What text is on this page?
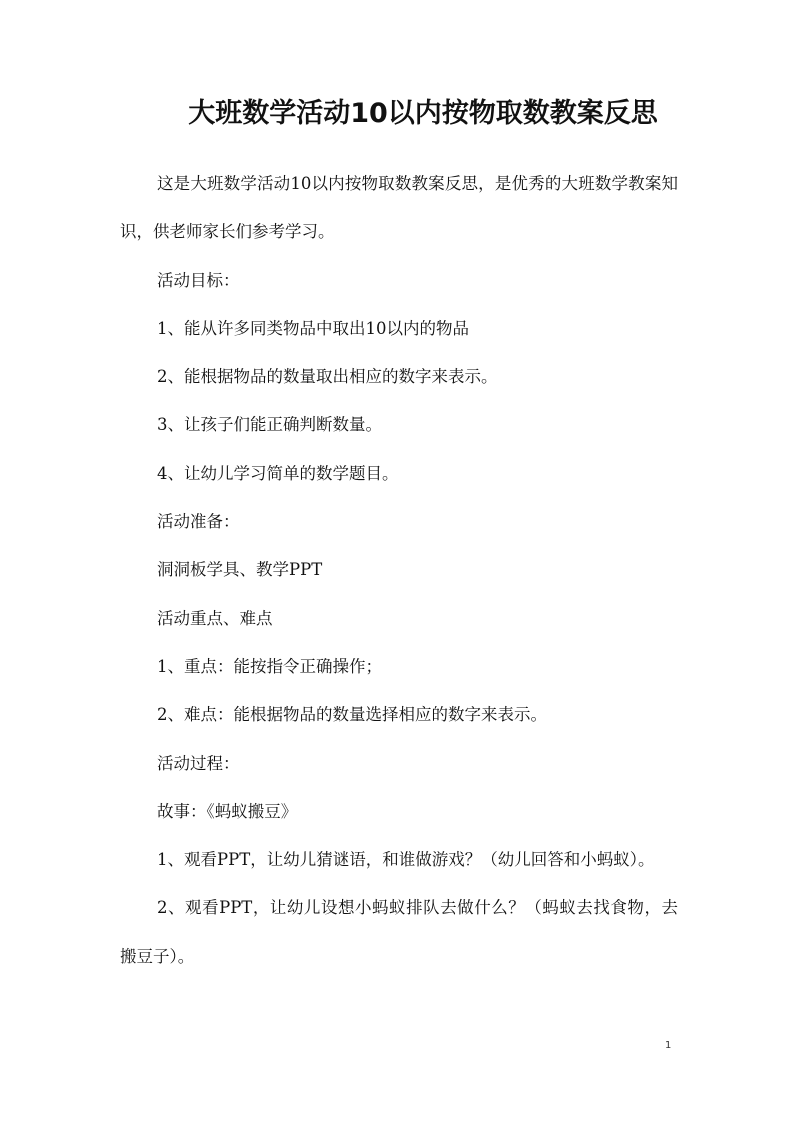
大班数学活动10以内按物取数教案反思

这是大班数学活动10以内按物取数教案反思，是优秀的大班数学教案知识，供老师家长们参考学习。

活动目标：

1、能从许多同类物品中取出10以内的物品

2、能根据物品的数量取出相应的数字来表示。

3、让孩子们能正确判断数量。

4、让幼儿学习简单的数学题目。

活动准备：

洞洞板学具、教学PPT

活动重点、难点

1、重点：能按指令正确操作；

2、难点：能根据物品的数量选择相应的数字来表示。

活动过程：

故事：《蚂蚁搬豆》

1、观看PPT，让幼儿猜谜语，和谁做游戏？（幼儿回答和小蚂蚁）。

2、观看PPT，让幼儿设想小蚂蚁排队去做什么？（蚂蚁去找食物，去搬豆子）。

1
